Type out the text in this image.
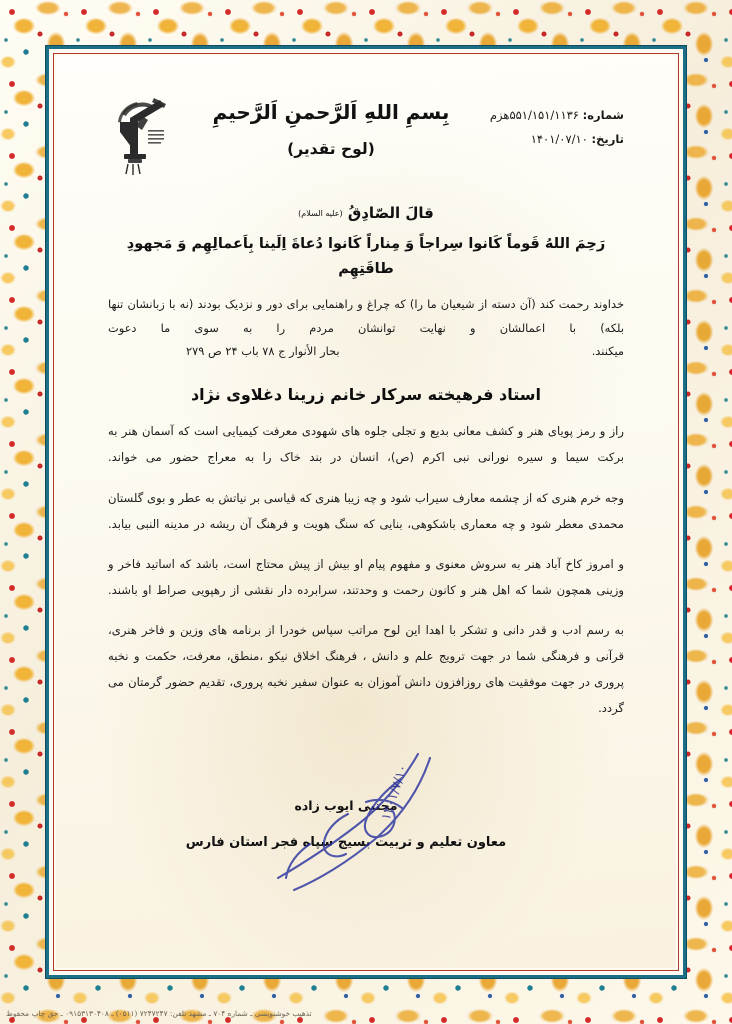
شماره: ۵۵۱/۱۵۱/۱۱۳۶هزم
تاریخ: ۱۴۰۱/۰۷/۱۰
بِسمِ اللهِ اَلرَّحمنِ اَلرَّحیمِ
(لوح تقدیر)
قالَ الصّادِقُ (علیه السلام)
رَحِمَ اللهُ قَوماً کَانوا سِراجاً وَ مِناراً کَانوا دُعاةَ اِلَینا بِاَعمالِهِم وَ مَجهودِ طاقَتِهِم
خداوند رحمت کند (آن دسته از شیعیان ما را) که چراغ و راهنمایی برای دور و نزدیک بودند (نه با زبانشان تنها بلکه) با اعمالشان و نهایت توانشان مردم را به سوی ما دعوت
میکنند.
بحار الأنوار ج ۷۸ باب ۲۴ ص ۲۷۹
استاد فرهیخته سرکار خانم زرینا دغلاوی نژاد
راز و رمز پویای هنر و کشف معانی بدیع و تجلی جلوه های شهودی معرفت کیمیایی است که آسمان هنر به برکت سیما و سیره نورانی نبی اکرم (ص)، انسان در بند خاک را به معراج حضور می خواند.
وجه خرم هنری که از چشمه معارف سیراب شود و چه زیبا هنری که قیاسی بر نیاتش به عطر و بوی گلستان محمدی معطر شود و چه معماری باشکوهی، بنایی که سنگ هویت و فرهنگ آن ریشه در مدینه النبی بیابد.
و امروز کاخ آباد هنر به سروش معنوی و مفهوم پیام او بیش از پیش محتاج است، باشد که اساتید فاخر و وزینی همچون شما که اهل هنر و کانون رحمت و وحدتند، سرابرده دار نقشی از رهپویی صراط او باشند.
به رسم ادب و قدر دانی و تشکر با اهدا این لوح مراتب سپاس خودرا از برنامه های وزین و فاخر هنری، قرآنی و فرهنگی شما در جهت ترویج علم و دانش ، فرهنگ اخلاق نیکو ،منطق، معرفت، حکمت و نخبه پروری در جهت موفقیت های روزافزون دانش آموزان به عنوان سفیر نخبه پروری، تقدیم حضور گرمتان می گردد.
مجتبی ایوب زاده
معاون تعلیم و تربیت بسیج سپاه فجر استان فارس
۱۴۰۱/۷/۱۰
تذهیب خوشنویسی ـ شماره ۷۰۴ ـ مشهد تلفن: ۷۲۴۷۲۴۷ (۰۵۱۱) ـ ۰۹۱۵۳۱۳۰۴۰۸ ـ حق چاپ محفوظ
